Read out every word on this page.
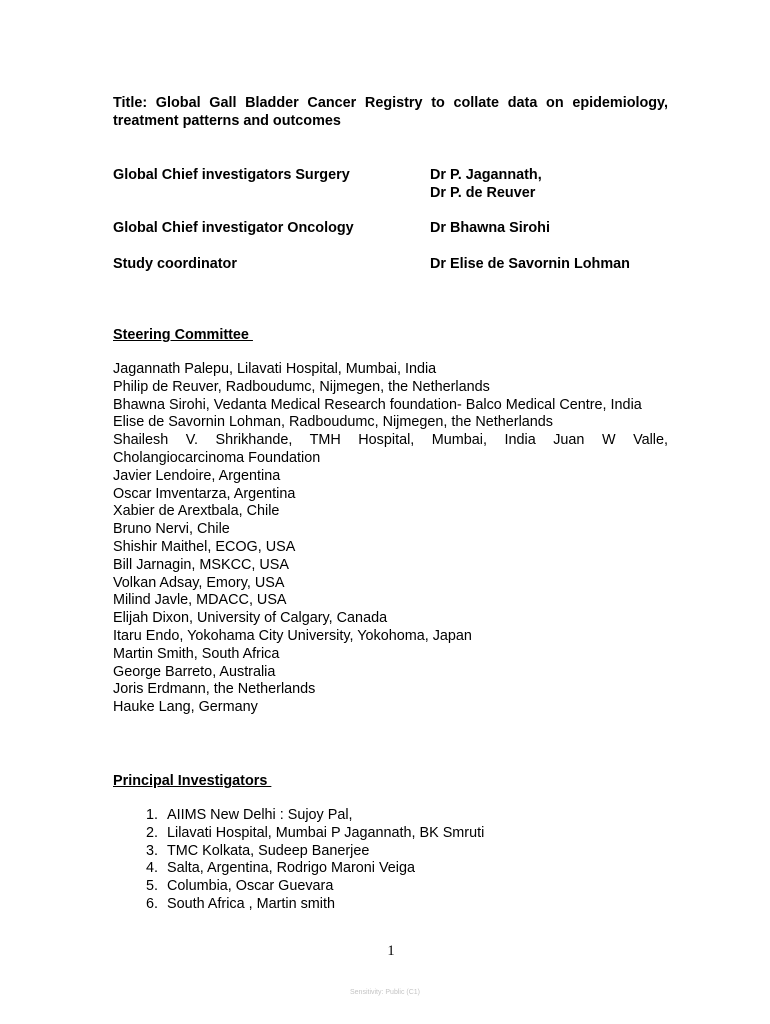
Title: Global Gall Bladder Cancer Registry to collate data on epidemiology, treatment patterns and outcomes
Global Chief investigators Surgery	Dr P. Jagannath,
Dr P. de Reuver
Global Chief investigator Oncology	Dr Bhawna Sirohi
Study coordinator	Dr Elise de Savornin Lohman
Steering Committee
Jagannath Palepu, Lilavati Hospital, Mumbai, India
Philip de Reuver, Radboudumc, Nijmegen, the Netherlands
Bhawna Sirohi, Vedanta Medical Research foundation- Balco Medical Centre, India
Elise de Savornin Lohman, Radboudumc, Nijmegen, the Netherlands
Shailesh V. Shrikhande, TMH Hospital, Mumbai, India Juan W Valle, Cholangiocarcinoma Foundation
Javier Lendoire, Argentina
Oscar Imventarza, Argentina
Xabier de Arextbala, Chile
Bruno Nervi, Chile
Shishir Maithel, ECOG, USA
Bill Jarnagin, MSKCC, USA
Volkan Adsay, Emory, USA
Milind Javle, MDACC, USA
Elijah Dixon, University of Calgary, Canada
Itaru Endo, Yokohama City University, Yokohoma, Japan
Martin Smith, South Africa
George Barreto, Australia
Joris Erdmann, the Netherlands
Hauke Lang, Germany
Principal Investigators
1.
AIIMS New Delhi : Sujoy Pal,
2.
Lilavati Hospital, Mumbai P Jagannath, BK Smruti
3.
TMC Kolkata, Sudeep Banerjee
4.
Salta, Argentina, Rodrigo Maroni Veiga
5.
Columbia, Oscar Guevara
6.
South Africa , Martin smith
1
Sensitivity: Public (C1)
